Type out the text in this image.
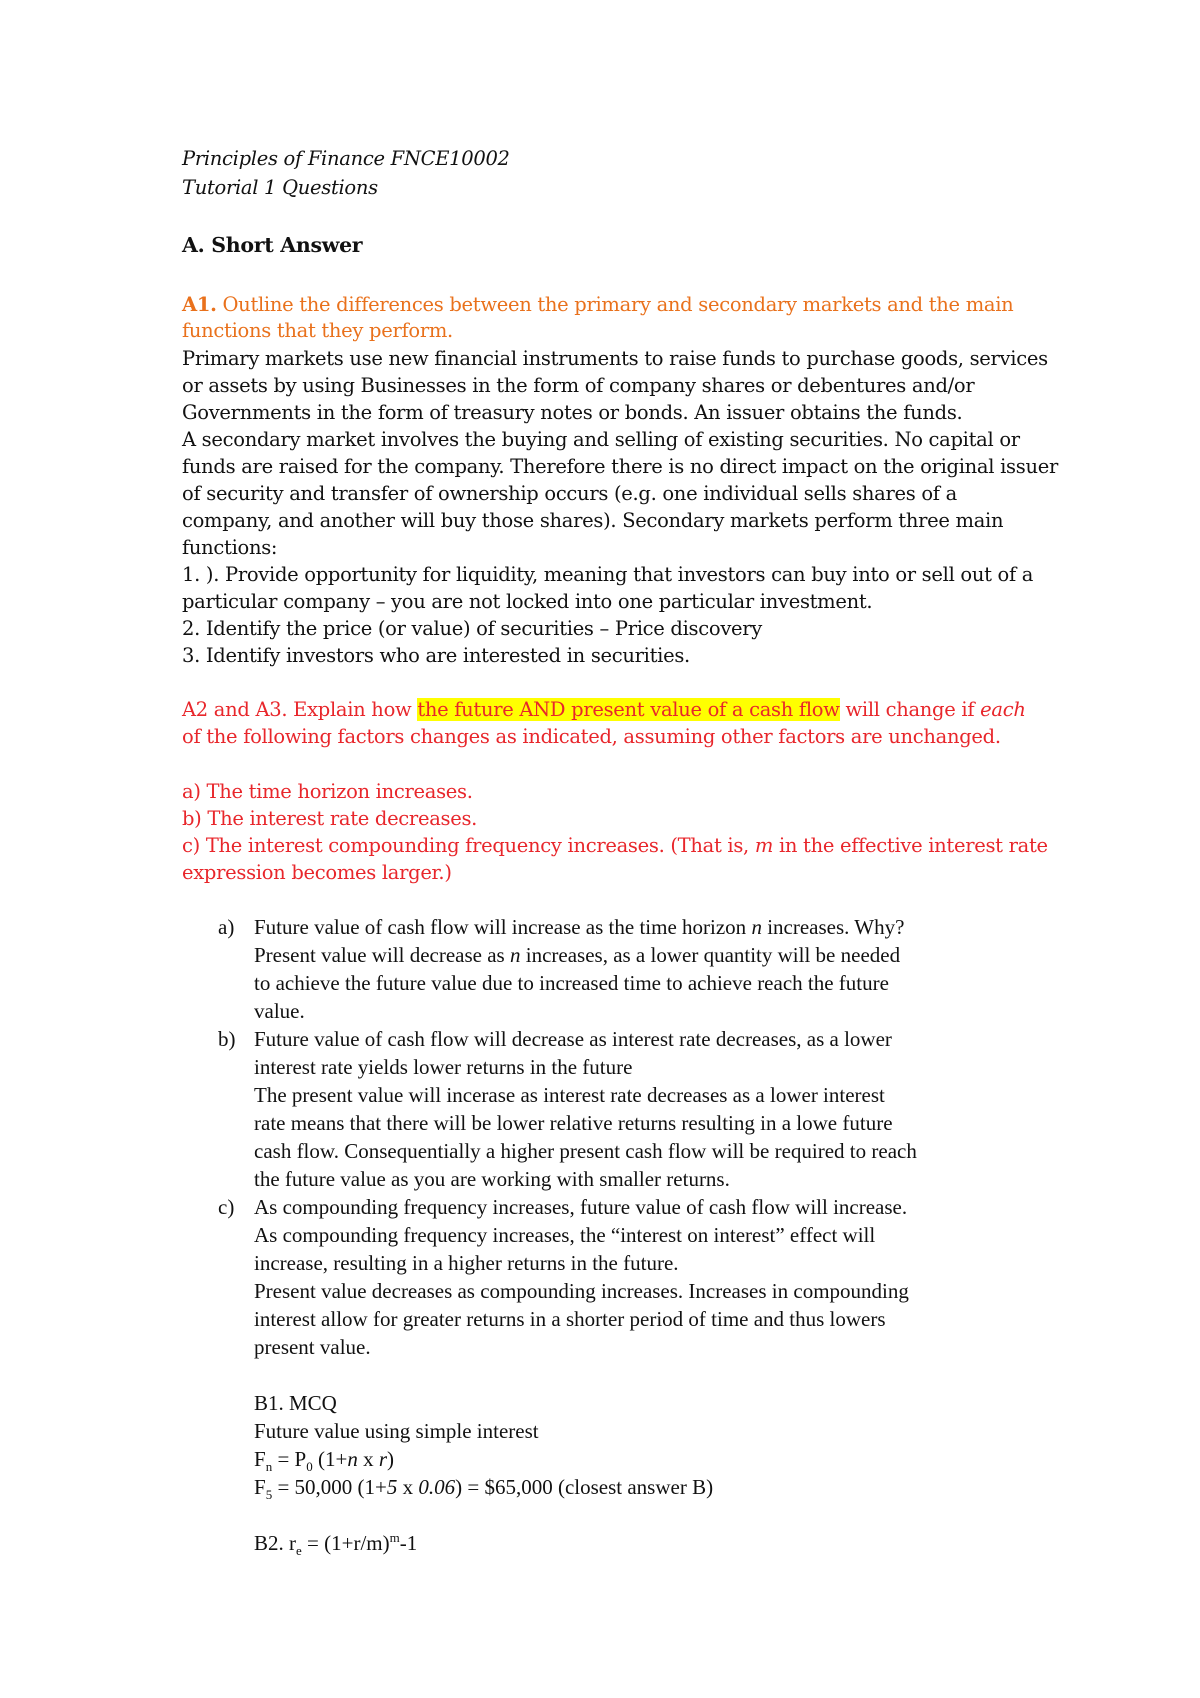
Principles of Finance FNCE10002
Tutorial 1 Questions
A. Short Answer
A1. Outline the differences between the primary and secondary markets and the main
functions that they perform.
Primary markets use new financial instruments to raise funds to purchase goods, services
or assets by using Businesses in the form of company shares or debentures and/or
Governments in the form of treasury notes or bonds. An issuer obtains the funds.
A secondary market involves the buying and selling of existing securities. No capital or
funds are raised for the company. Therefore there is no direct impact on the original issuer
of security and transfer of ownership occurs (e.g. one individual sells shares of a
company, and another will buy those shares). Secondary markets perform three main
functions:
1. ). Provide opportunity for liquidity, meaning that investors can buy into or sell out of a
particular company – you are not locked into one particular investment.
2. Identify the price (or value) of securities – Price discovery
3. Identify investors who are interested in securities.
A2 and A3. Explain how the future AND present value of a cash flow will change if each
of the following factors changes as indicated, assuming other factors are unchanged.
a) The time horizon increases.
b) The interest rate decreases.
c) The interest compounding frequency increases. (That is, m in the effective interest rate
expression becomes larger.)
a) Future value of cash flow will increase as the time horizon n increases. Why?
Present value will decrease as n increases, as a lower quantity will be needed
to achieve the future value due to increased time to achieve reach the future
value.
b) Future value of cash flow will decrease as interest rate decreases, as a lower
interest rate yields lower returns in the future
The present value will incerase as interest rate decreases as a lower interest
rate means that there will be lower relative returns resulting in a lowe future
cash flow. Consequentially a higher present cash flow will be required to reach
the future value as you are working with smaller returns.
c) As compounding frequency increases, future value of cash flow will increase.
As compounding frequency increases, the “interest on interest” effect will
increase, resulting in a higher returns in the future.
Present value decreases as compounding increases. Increases in compounding
interest allow for greater returns in a shorter period of time and thus lowers
present value.
B1. MCQ
Future value using simple interest
$F_n = P_0$ (1+n x r)
$F_5 = 50,000$ (1+5 x 0.06) = $65,000 (closest answer B)
B2. $r_e = (1+r/m)^m-1$
